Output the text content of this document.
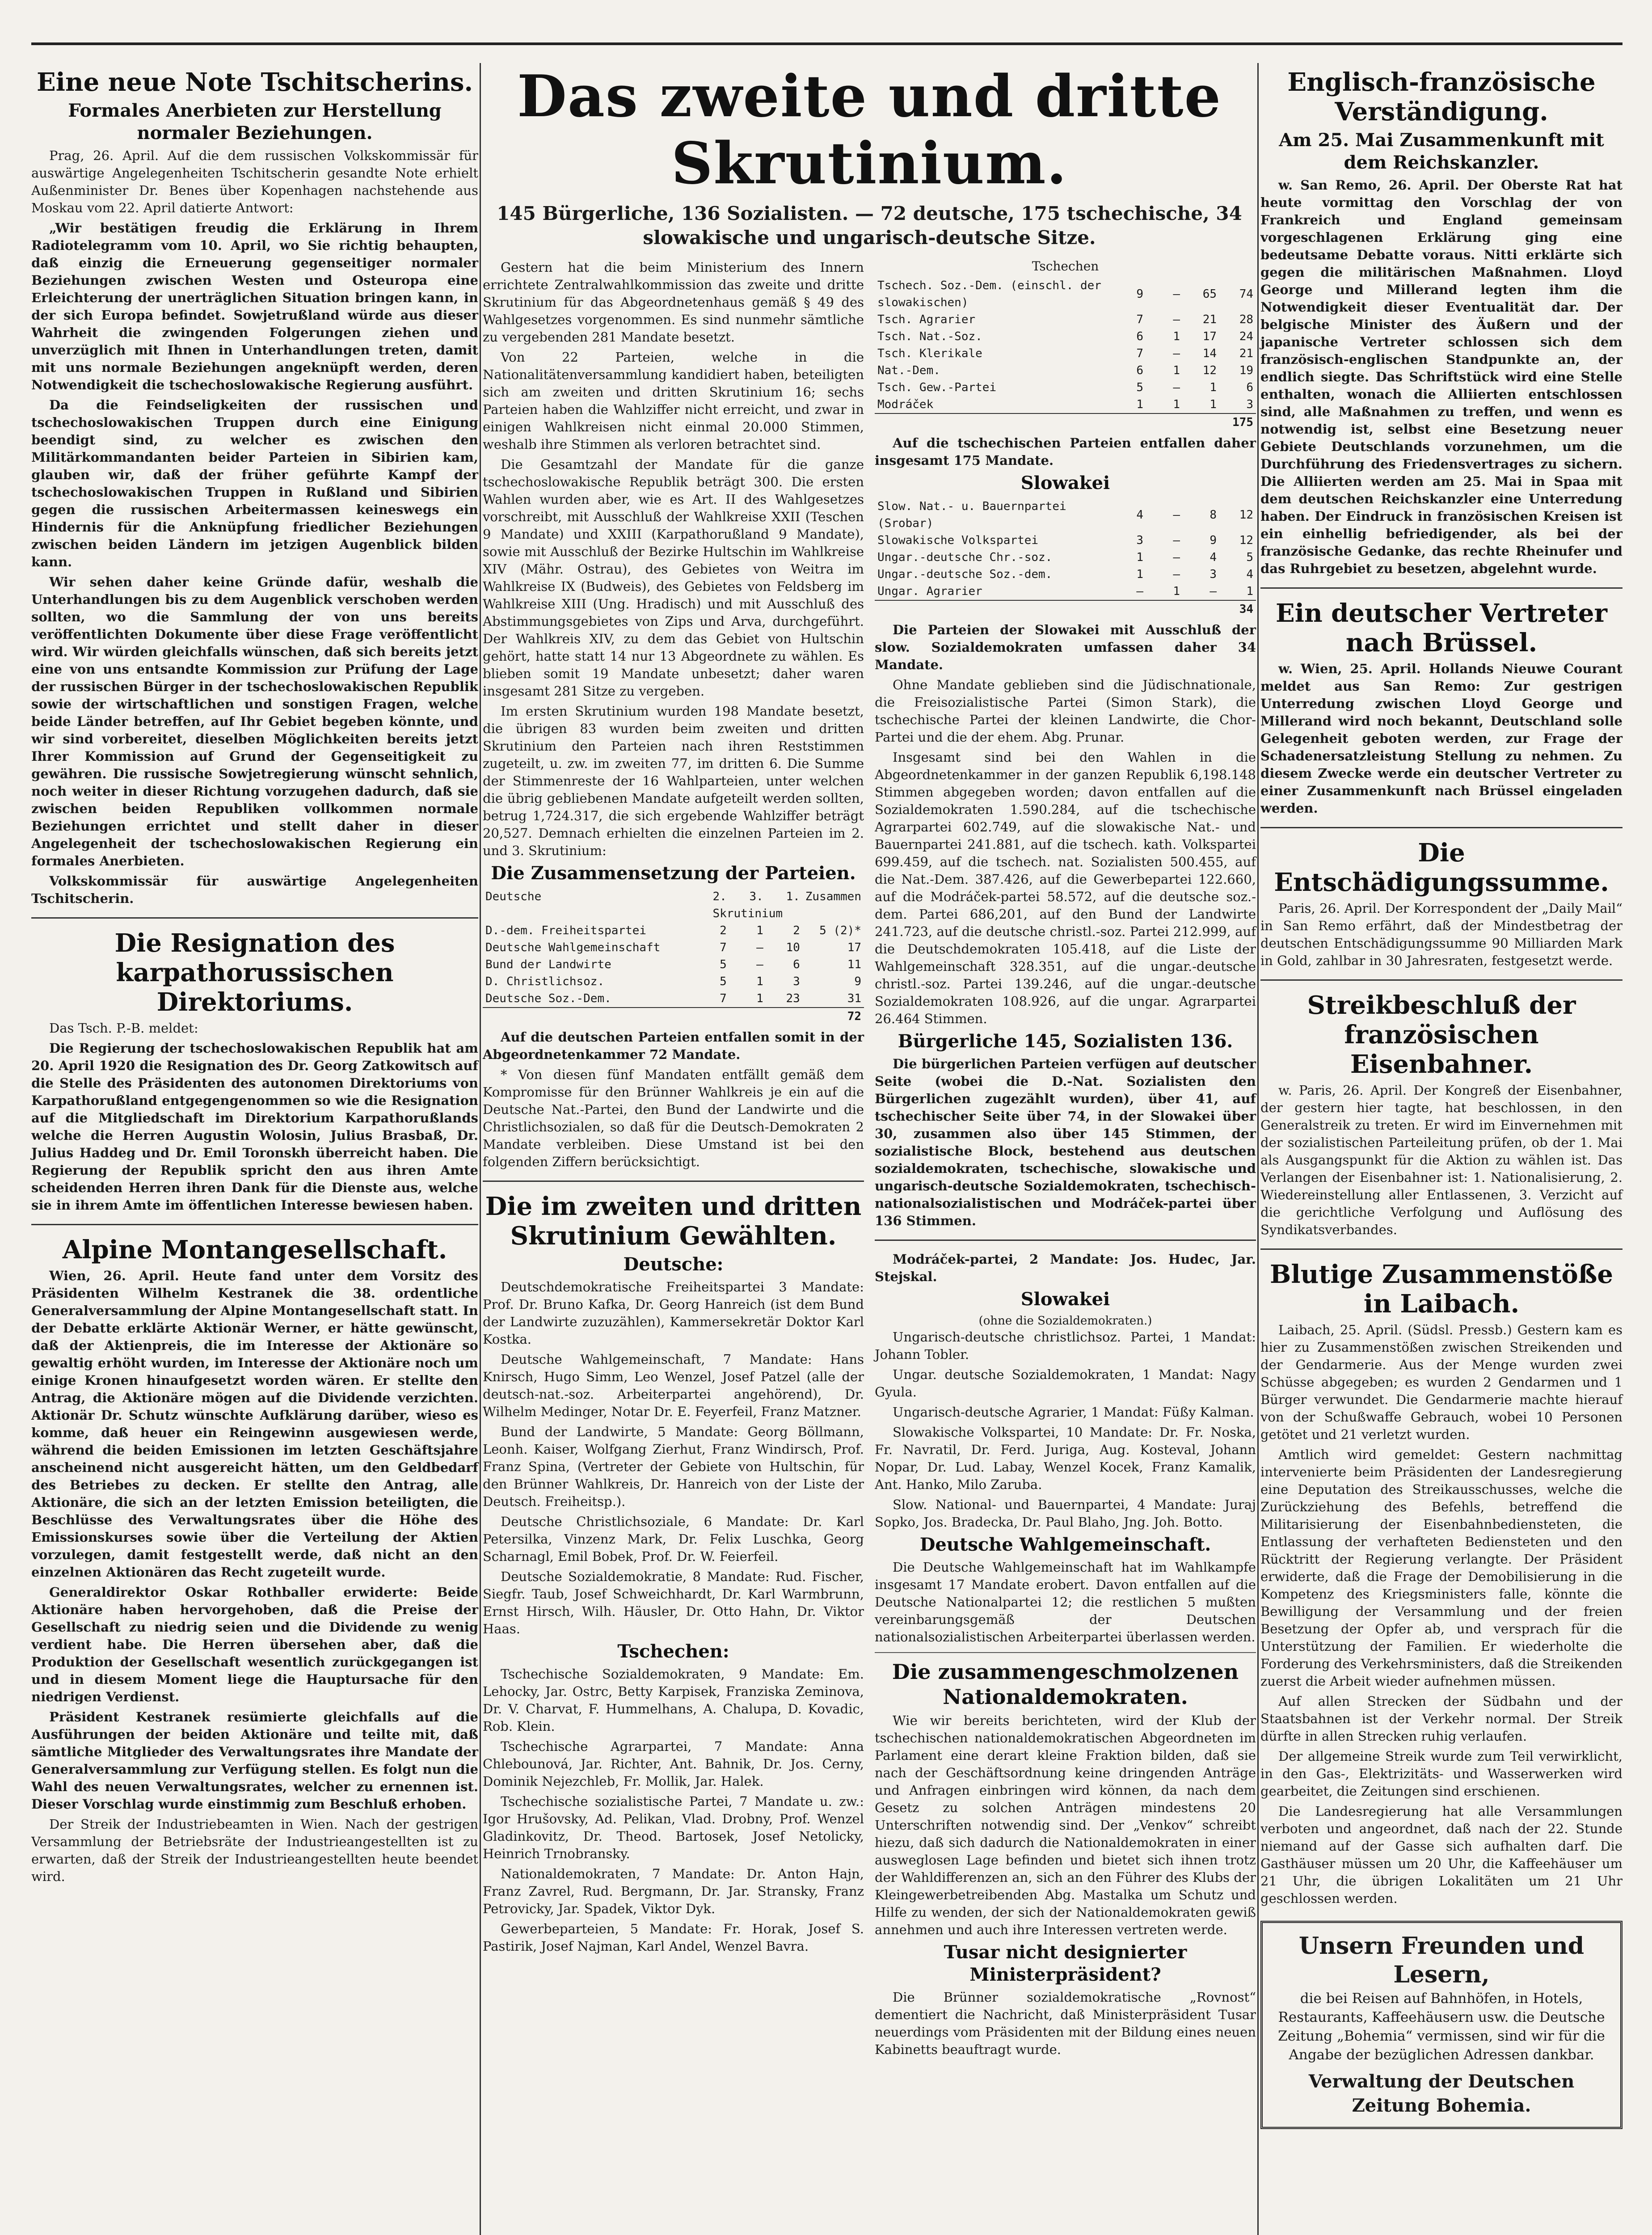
Eine neue Note Tschitscherins.
Formales Anerbieten zur Herstellung normaler Beziehungen.

Prag, 26. April. Auf die dem russischen Volkskommissär für auswärtige Angelegenheiten Tschitscherin gesandte Note erhielt Außenminister Dr. Benes über Kopenhagen nachstehende aus Moskau vom 22. April datierte Antwort:

„Wir bestätigen freudig die Erklärung in Ihrem Radiotelegramm vom 10. April, wo Sie richtig behaupten, daß einzig die Erneuerung gegenseitiger normaler Beziehungen zwischen Westen und Osteuropa eine Erleichterung der unerträglichen Situation bringen kann, in der sich Europa befindet. Sowjetrußland würde aus dieser Wahrheit die zwingenden Folgerungen ziehen und unverzüglich mit Ihnen in Unterhandlungen treten, damit mit uns normale Beziehungen angeknüpft werden, deren Notwendigkeit die tschechoslowakische Regierung ausführt.

Da die Feindseligkeiten der russischen und tschechoslowakischen Truppen durch eine Einigung beendigt sind, zu welcher es zwischen den Militärkommandanten beider Parteien in Sibirien kam, glauben wir, daß der früher geführte Kampf der tschechoslowakischen Truppen in Rußland und Sibirien gegen die russischen Arbeitermassen keineswegs ein Hindernis für die Anknüpfung friedlicher Beziehungen zwischen beiden Ländern im jetzigen Augenblick bilden kann.

Wir sehen daher keine Gründe dafür, weshalb die Unterhandlungen bis zu dem Augenblick verschoben werden sollten, wo die Sammlung der von uns bereits veröffentlichten Dokumente über diese Frage veröffentlicht wird. Wir würden gleichfalls wünschen, daß sich bereits jetzt eine von uns entsandte Kommission zur Prüfung der Lage der russischen Bürger in der tschechoslowakischen Republik sowie der wirtschaftlichen und sonstigen Fragen, welche beide Länder betreffen, auf Ihr Gebiet begeben könnte, und wir sind vorbereitet, dieselben Möglichkeiten bereits jetzt Ihrer Kommission auf Grund der Gegenseitigkeit zu gewähren. Die russische Sowjetregierung wünscht sehnlich, noch weiter in dieser Richtung vorzugehen dadurch, daß sie zwischen beiden Republiken vollkommen normale Beziehungen errichtet und stellt daher in dieser Angelegenheit der tschechoslowakischen Regierung ein formales Anerbieten.

Volkskommissär für auswärtige Angelegenheiten Tschitscherin.

Die Resignation des karpathorussischen Direktoriums.

Das Tsch. P.-B. meldet:

Die Regierung der tschechoslowakischen Republik hat am 20. April 1920 die Resignation des Dr. Georg Zatkowitsch auf die Stelle des Präsidenten des autonomen Direktoriums von Karpathorußland entgegengenommen so wie die Resignation auf die Mitgliedschaft im Direktorium Karpathorußlands welche die Herren Augustin Wolosin, Julius Brasbaß, Dr. Julius Haddeg und Dr. Emil Toronskh überreicht haben. Die Regierung der Republik spricht den aus ihren Amte scheidenden Herren ihren Dank für die Dienste aus, welche sie in ihrem Amte im öffentlichen Interesse bewiesen haben.

Alpine Montangesellschaft.

Wien, 26. April. Heute fand unter dem Vorsitz des Präsidenten Wilhelm Kestranek die 38. ordentliche Generalversammlung der Alpine Montangesellschaft statt. In der Debatte erklärte Aktionär Werner, er hätte gewünscht, daß der Aktienpreis, die im Interesse der Aktionäre so gewaltig erhöht wurden, im Interesse der Aktionäre noch um einige Kronen hinaufgesetzt worden wären. Er stellte den Antrag, die Aktionäre mögen auf die Dividende verzichten. Aktionär Dr. Schutz wünschte Aufklärung darüber, wieso es komme, daß heuer ein Reingewinn ausgewiesen werde, während die beiden Emissionen im letzten Geschäftsjahre anscheinend nicht ausgereicht hätten, um den Geldbedarf des Betriebes zu decken. Er stellte den Antrag, alle Aktionäre, die sich an der letzten Emission beteiligten, die Beschlüsse des Verwaltungsrates über die Höhe des Emissionskurses sowie über die Verteilung der Aktien vorzulegen, damit festgestellt werde, daß nicht an den einzelnen Aktionären das Recht zugeteilt wurde.

Generaldirektor Oskar Rothballer erwiderte: Beide Aktionäre haben hervorgehoben, daß die Preise der Gesellschaft zu niedrig seien und die Dividende zu wenig verdient habe. Die Herren übersehen aber, daß die Produktion der Gesellschaft wesentlich zurückgegangen ist und in diesem Moment liege die Hauptursache für den niedrigen Verdienst.

Präsident Kestranek resümierte gleichfalls auf die Ausführungen der beiden Aktionäre und teilte mit, daß sämtliche Mitglieder des Verwaltungsrates ihre Mandate der Generalversammlung zur Verfügung stellen. Es folgt nun die Wahl des neuen Verwaltungsrates, welcher zu ernennen ist. Dieser Vorschlag wurde einstimmig zum Beschluß erhoben.

Der Streik der Industriebeamten in Wien. Nach der gestrigen Versammlung der Betriebsräte der Industrieangestellten ist zu erwarten, daß der Streik der Industrieangestellten heute beendet wird.

Das zweite und dritte Skrutinium.
145 Bürgerliche, 136 Sozialisten. — 72 deutsche, 175 tschechische, 34 slowakische und ungarisch-deutsche Sitze.

Gestern hat die beim Ministerium des Innern errichtete Zentralwahlkommission das zweite und dritte Skrutinium für das Abgeordnetenhaus gemäß § 49 des Wahlgesetzes vorgenommen. Es sind nunmehr sämtliche zu vergebenden 281 Mandate besetzt.

Von 22 Parteien, welche in die Nationalitätenversammlung kandidiert haben, beteiligten sich am zweiten und dritten Skrutinium 16; sechs Parteien haben die Wahlziffer nicht erreicht, und zwar in einigen Wahlkreisen nicht einmal 20.000 Stimmen, weshalb ihre Stimmen als verloren betrachtet sind.

Die Gesamtzahl der Mandate für die ganze tschechoslowakische Republik beträgt 300. Die ersten Wahlen wurden aber, wie es Art. II des Wahlgesetzes vorschreibt, mit Ausschluß der Wahlkreise XXII (Teschen 9 Mandate) und XXIII (Karpathorußland 9 Mandate), sowie mit Ausschluß der Bezirke Hultschin im Wahlkreise XIV (Mähr. Ostrau), des Gebietes von Weitra im Wahlkreise IX (Budweis), des Gebietes von Feldsberg im Wahlkreise XIII (Ung. Hradisch) und mit Ausschluß des Abstimmungsgebietes von Zips und Arva, durchgeführt. Der Wahlkreis XIV, zu dem das Gebiet von Hultschin gehört, hatte statt 14 nur 13 Abgeordnete zu wählen. Es blieben somit 19 Mandate unbesetzt; daher waren insgesamt 281 Sitze zu vergeben.

Im ersten Skrutinium wurden 198 Mandate besetzt, die übrigen 83 wurden beim zweiten und dritten Skrutinium den Parteien nach ihren Reststimmen zugeteilt, u. zw. im zweiten 77, im dritten 6. Die Summe der Stimmenreste der 16 Wahlparteien, unter welchen die übrig gebliebenen Mandate aufgeteilt werden sollten, betrug 1,724.317, die sich ergebende Wahlziffer beträgt 20,527. Demnach erhielten die einzelnen Parteien im 2. und 3. Skrutinium:

Die Zusammensetzung der Parteien.
Deutsche	2.	3.	1.	Zusammen
	Skrutinium			
D.-dem. Freiheitspartei	2	1	2	5 (2)*
Deutsche Wahlgemeinschaft	7	—	10	17
Bund der Landwirte	5	—	6	11
D. Christlichsoz.	5	1	3	9
Deutsche Soz.-Dem.	7	1	23	31
				72

Auf die deutschen Parteien entfallen somit in der Abgeordnetenkammer 72 Mandate.

* Von diesen fünf Mandaten entfällt gemäß dem Kompromisse für den Brünner Wahlkreis je ein auf die Deutsche Nat.-Partei, den Bund der Landwirte und die Christlichsozialen, so daß für die Deutsch-Demokraten 2 Mandate verbleiben. Diese Umstand ist bei den folgenden Ziffern berücksichtigt.

Die im zweiten und dritten Skrutinium Gewählten.
Deutsche:

Deutschdemokratische Freiheitspartei 3 Mandate: Prof. Dr. Bruno Kafka, Dr. Georg Hanreich (ist dem Bund der Landwirte zuzuzählen), Kammersekretär Doktor Karl Kostka.

Deutsche Wahlgemeinschaft, 7 Mandate: Hans Knirsch, Hugo Simm, Leo Wenzel, Josef Patzel (alle der deutsch-nat.-soz. Arbeiterpartei angehörend), Dr. Wilhelm Medinger, Notar Dr. E. Feyerfeil, Franz Matzner.

Bund der Landwirte, 5 Mandate: Georg Böllmann, Leonh. Kaiser, Wolfgang Zierhut, Franz Windirsch, Prof. Franz Spina, (Vertreter der Gebiete von Hultschin, für den Brünner Wahlkreis, Dr. Hanreich von der Liste der Deutsch. Freiheitsp.).

Deutsche Christlichsoziale, 6 Mandate: Dr. Karl Petersilka, Vinzenz Mark, Dr. Felix Luschka, Georg Scharnagl, Emil Bobek, Prof. Dr. W. Feierfeil.

Deutsche Sozialdemokratie, 8 Mandate: Rud. Fischer, Siegfr. Taub, Josef Schweichhardt, Dr. Karl Warmbrunn, Ernst Hirsch, Wilh. Häusler, Dr. Otto Hahn, Dr. Viktor Haas.

Tschechen:

Tschechische Sozialdemokraten, 9 Mandate: Em. Lehocky, Jar. Ostrc, Betty Karpisek, Franziska Zeminova, Dr. V. Charvat, F. Hummelhans, A. Chalupa, D. Kovadic, Rob. Klein.

Tschechische Agrarpartei, 7 Mandate: Anna Chlebounová, Jar. Richter, Ant. Bahnik, Dr. Jos. Cerny, Dominik Nejezchleb, Fr. Mollik, Jar. Halek.

Tschechische sozialistische Partei, 7 Mandate u. zw.: Igor Hrušovsky, Ad. Pelikan, Vlad. Drobny, Prof. Wenzel Gladinkovitz, Dr. Theod. Bartosek, Josef Netolicky, Heinrich Trnobransky.

Nationaldemokraten, 7 Mandate: Dr. Anton Hajn, Franz Zavrel, Rud. Bergmann, Dr. Jar. Stransky, Franz Petrovicky, Jar. Spadek, Viktor Dyk.

Gewerbeparteien, 5 Mandate: Fr. Horak, Josef S. Pastirik, Josef Najman, Karl Andel, Wenzel Bavra.

Tschechen
Tschech. Soz.-Dem. (einschl. der slowakischen)	9	—	65	74
Tsch. Agrarier	7	—	21	28
Tsch. Nat.-Soz.	6	1	17	24
Tsch. Klerikale	7	—	14	21
Nat.-Dem.	6	1	12	19
Tsch. Gew.-Partei	5	—	1	6
Modráček	1	1	1	3
				175

Auf die tschechischen Parteien entfallen daher insgesamt 175 Mandate.

Slowakei
Slow. Nat.- u. Bauernpartei (Srobar)	4	—	8	12
Slowakische Volkspartei	3	—	9	12
Ungar.-deutsche Chr.-soz.	1	—	4	5
Ungar.-deutsche Soz.-dem.	1	—	3	4
Ungar. Agrarier	—	1	—	1
				34

Die Parteien der Slowakei mit Ausschluß der slow. Sozialdemokraten umfassen daher 34 Mandate.

Ohne Mandate geblieben sind die Jüdischnationale, die Freisozialistische Partei (Simon Stark), die tschechische Partei der kleinen Landwirte, die Chor-Partei und die der ehem. Abg. Prunar.

Insgesamt sind bei den Wahlen in die Abgeordnetenkammer in der ganzen Republik 6,198.148 Stimmen abgegeben worden; davon entfallen auf die Sozialdemokraten 1.590.284, auf die tschechische Agrarpartei 602.749, auf die slowakische Nat.- und Bauernpartei 241.881, auf die tschech. kath. Volkspartei 699.459, auf die tschech. nat. Sozialisten 500.455, auf die Nat.-Dem. 387.426, auf die Gewerbepartei 122.660, auf die Modráček-partei 58.572, auf die deutsche soz.-dem. Partei 686,201, auf den Bund der Landwirte 241.723, auf die deutsche christl.-soz. Partei 212.999, auf die Deutschdemokraten 105.418, auf die Liste der Wahlgemeinschaft 328.351, auf die ungar.-deutsche christl.-soz. Partei 139.246, auf die ungar.-deutsche Sozialdemokraten 108.926, auf die ungar. Agrarpartei 26.464 Stimmen.

Bürgerliche 145, Sozialisten 136.

Die bürgerlichen Parteien verfügen auf deutscher Seite (wobei die D.-Nat. Sozialisten den Bürgerlichen zugezählt wurden), über 41, auf tschechischer Seite über 74, in der Slowakei über 30, zusammen also über 145 Stimmen, der sozialistische Block, bestehend aus deutschen sozialdemokraten, tschechische, slowakische und ungarisch-deutsche Sozialdemokraten, tschechisch-nationalsozialistischen und Modráček-partei über 136 Stimmen.

Modráček-partei, 2 Mandate: Jos. Hudec, Jar. Stejskal.

Slowakei
(ohne die Sozialdemokraten.)

Ungarisch-deutsche christlichsoz. Partei, 1 Mandat: Johann Tobler.

Ungar. deutsche Sozialdemokraten, 1 Mandat: Nagy Gyula.

Ungarisch-deutsche Agrarier, 1 Mandat: Füßy Kalman.

Slowakische Volkspartei, 10 Mandate: Dr. Fr. Noska, Fr. Navratil, Dr. Ferd. Juriga, Aug. Kosteval, Johann Nopar, Dr. Lud. Labay, Wenzel Kocek, Franz Kamalik, Ant. Hanko, Milo Zaruba.

Slow. National- und Bauernpartei, 4 Mandate: Juraj Sopko, Jos. Bradecka, Dr. Paul Blaho, Jng. Joh. Botto.

Deutsche Wahlgemeinschaft.

Die Deutsche Wahlgemeinschaft hat im Wahlkampfe insgesamt 17 Mandate erobert. Davon entfallen auf die Deutsche Nationalpartei 12; die restlichen 5 mußten vereinbarungsgemäß der Deutschen nationalsozialistischen Arbeiterpartei überlassen werden.

Die zusammengeschmolzenen Nationaldemokraten.

Wie wir bereits berichteten, wird der Klub der tschechischen nationaldemokratischen Abgeordneten im Parlament eine derart kleine Fraktion bilden, daß sie nach der Geschäftsordnung keine dringenden Anträge und Anfragen einbringen wird können, da nach dem Gesetz zu solchen Anträgen mindestens 20 Unterschriften notwendig sind. Der „Venkov“ schreibt hiezu, daß sich dadurch die Nationaldemokraten in einer ausweglosen Lage befinden und bietet sich ihnen trotz der Wahldifferenzen an, sich an den Führer des Klubs der Kleingewerbetreibenden Abg. Mastalka um Schutz und Hilfe zu wenden, der sich der Nationaldemokraten gewiß annehmen und auch ihre Interessen vertreten werde.

Tusar nicht designierter Ministerpräsident?

Die Brünner sozialdemokratische „Rovnost“ dementiert die Nachricht, daß Ministerpräsident Tusar neuerdings vom Präsidenten mit der Bildung eines neuen Kabinetts beauftragt wurde.

Englisch-französische Verständigung.
Am 25. Mai Zusammenkunft mit dem Reichskanzler.

w. San Remo, 26. April. Der Oberste Rat hat heute vormittag den Vorschlag der von Frankreich und England gemeinsam vorgeschlagenen Erklärung ging eine bedeutsame Debatte voraus. Nitti erklärte sich gegen die militärischen Maßnahmen. Lloyd George und Millerand legten ihm die Notwendigkeit dieser Eventualität dar. Der belgische Minister des Äußern und der japanische Vertreter schlossen sich dem französisch-englischen Standpunkte an, der endlich siegte. Das Schriftstück wird eine Stelle enthalten, wonach die Alliierten entschlossen sind, alle Maßnahmen zu treffen, und wenn es notwendig ist, selbst eine Besetzung neuer Gebiete Deutschlands vorzunehmen, um die Durchführung des Friedensvertrages zu sichern. Die Alliierten werden am 25. Mai in Spaa mit dem deutschen Reichskanzler eine Unterredung haben. Der Eindruck in französischen Kreisen ist ein einhellig befriedigender, als bei der französische Gedanke, das rechte Rheinufer und das Ruhrgebiet zu besetzen, abgelehnt wurde.

Ein deutscher Vertreter nach Brüssel.

w. Wien, 25. April. Hollands Nieuwe Courant meldet aus San Remo: Zur gestrigen Unterredung zwischen Lloyd George und Millerand wird noch bekannt, Deutschland solle Gelegenheit geboten werden, zur Frage der Schadenersatzleistung Stellung zu nehmen. Zu diesem Zwecke werde ein deutscher Vertreter zu einer Zusammenkunft nach Brüssel eingeladen werden.

Die Entschädigungssumme.

Paris, 26. April. Der Korrespondent der „Daily Mail“ in San Remo erfährt, daß der Mindestbetrag der deutschen Entschädigungssumme 90 Milliarden Mark in Gold, zahlbar in 30 Jahresraten, festgesetzt werde.

Streikbeschluß der französischen Eisenbahner.

w. Paris, 26. April. Der Kongreß der Eisenbahner, der gestern hier tagte, hat beschlossen, in den Generalstreik zu treten. Er wird im Einvernehmen mit der sozialistischen Parteileitung prüfen, ob der 1. Mai als Ausgangspunkt für die Aktion zu wählen ist. Das Verlangen der Eisenbahner ist: 1. Nationalisierung, 2. Wiedereinstellung aller Entlassenen, 3. Verzicht auf die gerichtliche Verfolgung und Auflösung des Syndikatsverbandes.

Blutige Zusammenstöße in Laibach.

Laibach, 25. April. (Südsl. Pressb.) Gestern kam es hier zu Zusammenstößen zwischen Streikenden und der Gendarmerie. Aus der Menge wurden zwei Schüsse abgegeben; es wurden 2 Gendarmen und 1 Bürger verwundet. Die Gendarmerie machte hierauf von der Schußwaffe Gebrauch, wobei 10 Personen getötet und 21 verletzt wurden.

Amtlich wird gemeldet: Gestern nachmittag intervenierte beim Präsidenten der Landesregierung eine Deputation des Streikausschusses, welche die Zurückziehung des Befehls, betreffend die Militarisierung der Eisenbahnbediensteten, die Entlassung der verhafteten Bediensteten und den Rücktritt der Regierung verlangte. Der Präsident erwiderte, daß die Frage der Demobilisierung in die Kompetenz des Kriegsministers falle, könnte die Bewilligung der Versammlung und der freien Besetzung der Opfer ab, und versprach für die Unterstützung der Familien. Er wiederholte die Forderung des Verkehrsministers, daß die Streikenden zuerst die Arbeit wieder aufnehmen müssen.

Auf allen Strecken der Südbahn und der Staatsbahnen ist der Verkehr normal. Der Streik dürfte in allen Strecken ruhig verlaufen.

Der allgemeine Streik wurde zum Teil verwirklicht, in den Gas-, Elektrizitäts- und Wasserwerken wird gearbeitet, die Zeitungen sind erschienen.

Die Landesregierung hat alle Versammlungen verboten und angeordnet, daß nach der 22. Stunde niemand auf der Gasse sich aufhalten darf. Die Gasthäuser müssen um 20 Uhr, die Kaffeehäuser um 21 Uhr, die übrigen Lokalitäten um 21 Uhr geschlossen werden.

Unsern Freunden und Lesern,
die bei Reisen auf Bahnhöfen, in Hotels, Restaurants, Kaffeehäusern usw. die Deutsche Zeitung „Bohemia“ vermissen, sind wir für die Angabe der bezüglichen Adressen dankbar.
Verwaltung der Deutschen Zeitung Bohemia.
